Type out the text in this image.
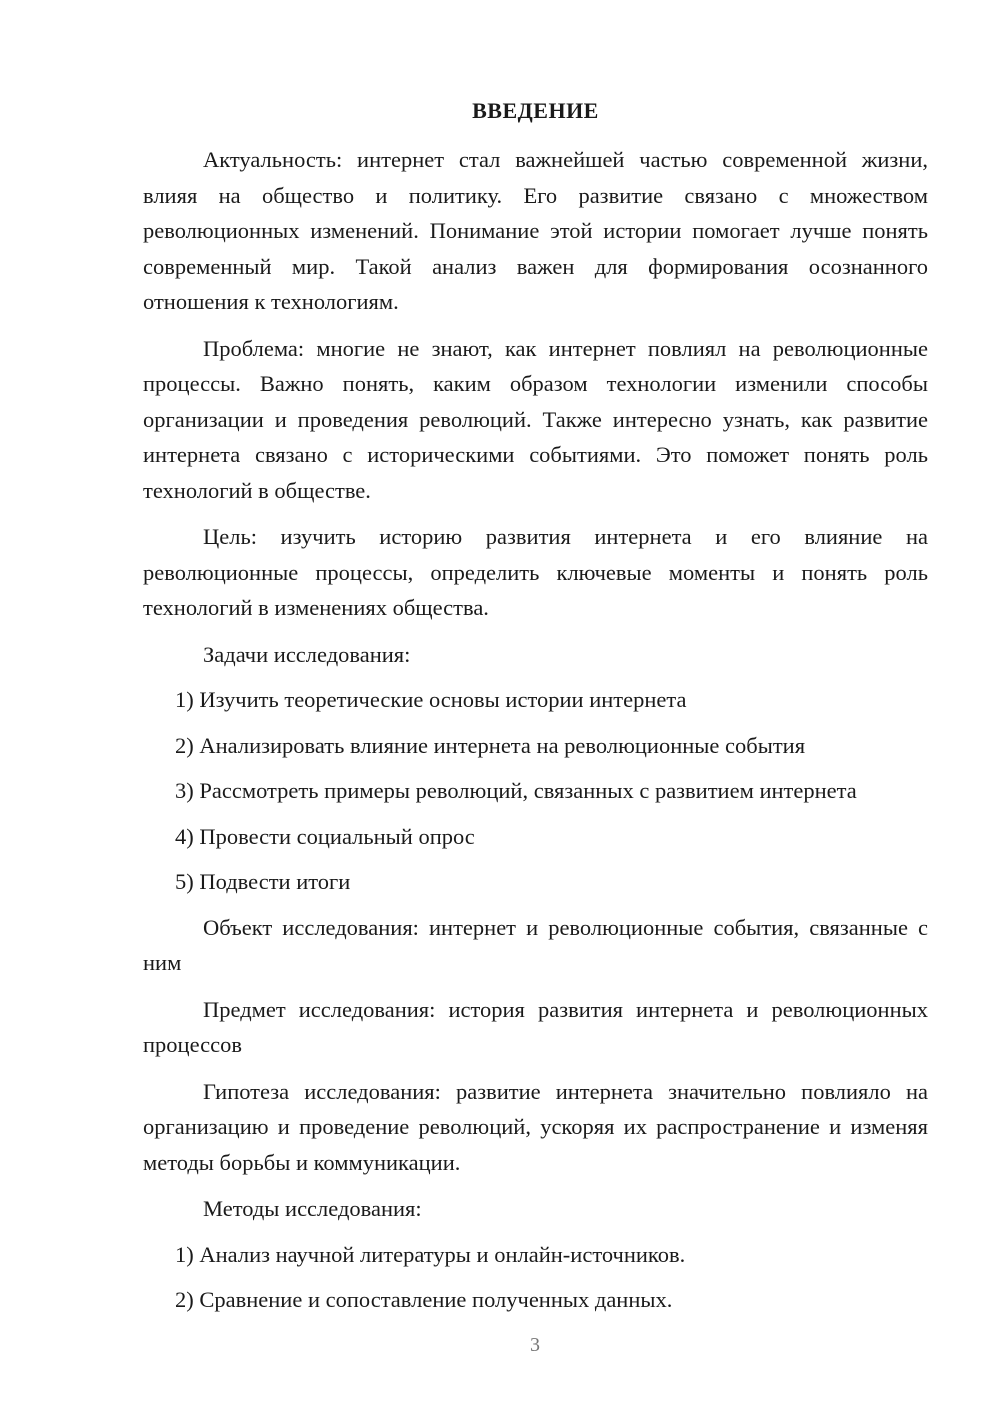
ВВЕДЕНИЕ

Актуальность: интернет стал важнейшей частью современной жизни, влияя на общество и политику. Его развитие связано с множеством революционных изменений. Понимание этой истории помогает лучше понять современный мир. Такой анализ важен для формирования осознанного отношения к технологиям.

Проблема: многие не знают, как интернет повлиял на революционные процессы. Важно понять, каким образом технологии изменили способы организации и проведения революций. Также интересно узнать, как развитие интернета связано с историческими событиями. Это поможет понять роль технологий в обществе.

Цель: изучить историю развития интернета и его влияние на революционные процессы, определить ключевые моменты и понять роль технологий в изменениях общества.

Задачи исследования:

1) Изучить теоретические основы истории интернета

2) Анализировать влияние интернета на революционные события

3) Рассмотреть примеры революций, связанных с развитием интернета

4) Провести социальный опрос

5) Подвести итоги

Объект исследования: интернет и революционные события, связанные с ним

Предмет исследования: история развития интернета и революционных процессов

Гипотеза исследования: развитие интернета значительно повлияло на организацию и проведение революций, ускоряя их распространение и изменяя методы борьбы и коммуникации.

Методы исследования:

1) Анализ научной литературы и онлайн-источников.

2) Сравнение и сопоставление полученных данных.

3
